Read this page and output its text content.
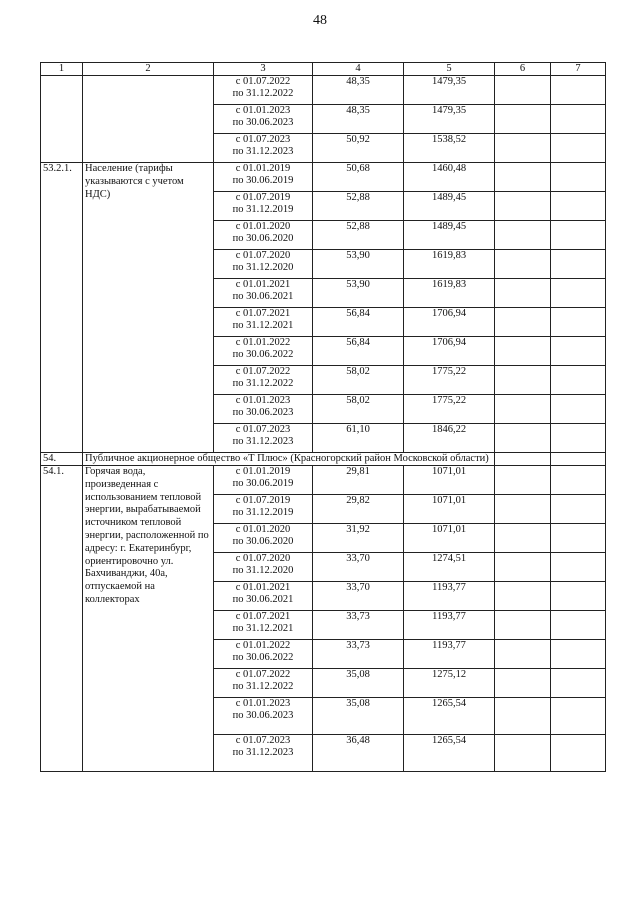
48
1	2	3	4	5	6	7

		с 01.07.2022
по 31.12.2022	48,35	1479,35		

		с 01.01.2023
по 30.06.2023	48,35	1479,35		

		с 01.07.2023
по 31.12.2023	50,92	1538,52		
53.2.1.	Население (тарифы указываются с учетом НДС)	с 01.01.2019
по 30.06.2019	50,68	1460,48		

		с 01.07.2019
по 31.12.2019	52,88	1489,45		

		с 01.01.2020
по 30.06.2020	52,88	1489,45		

		с 01.07.2020
по 31.12.2020	53,90	1619,83		

		с 01.01.2021
по 30.06.2021	53,90	1619,83		

		с 01.07.2021
по 31.12.2021	56,84	1706,94		

		с 01.01.2022
по 30.06.2022	56,84	1706,94		

		с 01.07.2022
по 31.12.2022	58,02	1775,22		

		с 01.01.2023
по 30.06.2023	58,02	1775,22		

		с 01.07.2023
по 31.12.2023	61,10	1846,22		
54.	Публичное акционерное общество «Т Плюс» (Красногорский район Московской области)					
54.1.	Горячая вода, произведенная с использованием тепловой энергии, вырабатываемой источником тепловой энергии, расположенной по адресу: г. Екатеринбург, ориентировочно ул. Бахчиванджи, 40а, отпускаемой на коллекторах	с 01.01.2019
по 30.06.2019	29,81	1071,01		

		с 01.07.2019
по 31.12.2019	29,82	1071,01		

		с 01.01.2020
по 30.06.2020	31,92	1071,01		

		с 01.07.2020
по 31.12.2020	33,70	1274,51		

		с 01.01.2021
по 30.06.2021	33,70	1193,77		

		с 01.07.2021
по 31.12.2021	33,73	1193,77		

		с 01.01.2022
по 30.06.2022	33,73	1193,77		

		с 01.07.2022
по 31.12.2022	35,08	1275,12		

		с 01.01.2023
по 30.06.2023	35,08	1265,54		

		с 01.07.2023
по 31.12.2023	36,48	1265,54		
